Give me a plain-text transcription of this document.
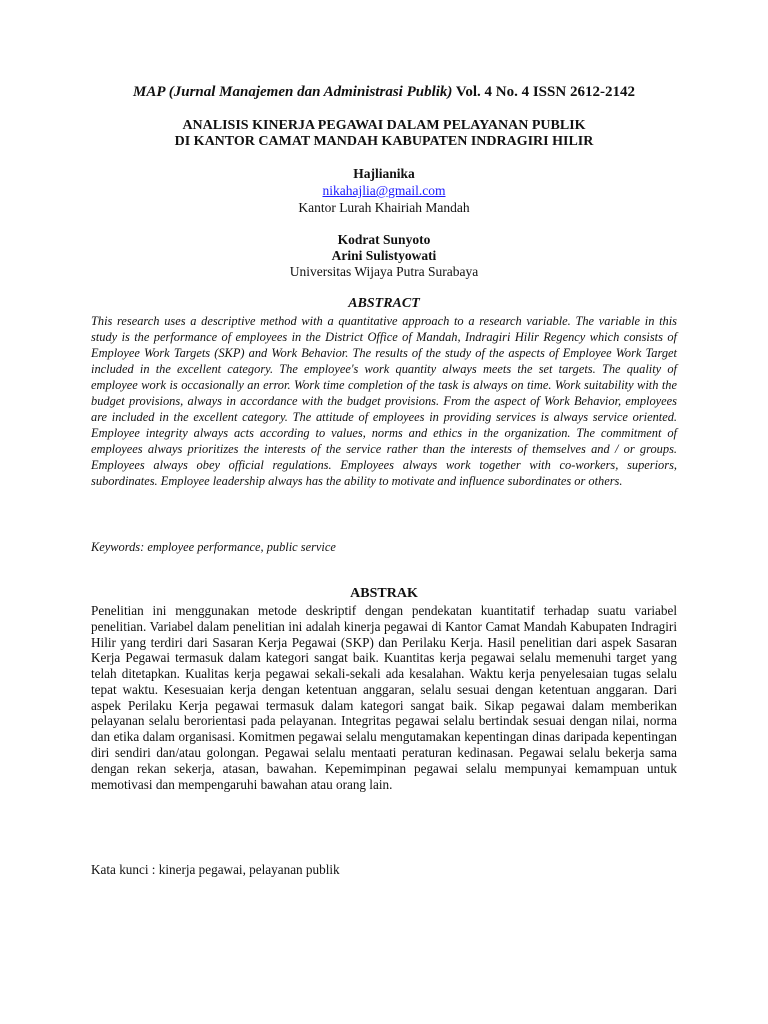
MAP (Jurnal Manajemen dan Administrasi Publik) Vol. 4 No. 4 ISSN 2612-2142
ANALISIS KINERJA PEGAWAI DALAM PELAYANAN PUBLIK
DI KANTOR CAMAT MANDAH KABUPATEN INDRAGIRI HILIR
Hajlianika
nikahajlia@gmail.com
Kantor Lurah Khairiah Mandah
Kodrat Sunyoto
Arini Sulistyowati
Universitas Wijaya Putra Surabaya
ABSTRACT

This research uses a descriptive method with a quantitative approach to a research variable. The variable in this study is the performance of employees in the District Office of Mandah, Indragiri Hilir Regency which consists of Employee Work Targets (SKP) and Work Behavior. The results of the study of the aspects of Employee Work Target included in the excellent category. The employee's work quantity always meets the set targets. The quality of employee work is occasionally an error. Work time completion of the task is always on time. Work suitability with the budget provisions, always in accordance with the budget provisions. From the aspect of Work Behavior, employees are included in the excellent category. The attitude of employees in providing services is always service oriented. Employee integrity always acts according to values, norms and ethics in the organization. The commitment of employees always prioritizes the interests of the service rather than the interests of themselves and / or groups. Employees always obey official regulations. Employees always work together with co-workers, superiors, subordinates. Employee leadership always has the ability to motivate and influence subordinates or others.

Keywords: employee performance, public service
ABSTRAK

Penelitian ini menggunakan metode deskriptif dengan pendekatan kuantitatif terhadap suatu variabel penelitian. Variabel dalam penelitian ini adalah kinerja pegawai di Kantor Camat Mandah Kabupaten Indragiri Hilir yang terdiri dari Sasaran Kerja Pegawai (SKP) dan Perilaku Kerja. Hasil penelitian dari aspek Sasaran Kerja Pegawai termasuk dalam kategori sangat baik. Kuantitas kerja pegawai selalu memenuhi target yang telah ditetapkan. Kualitas kerja pegawai sekali-sekali ada kesalahan. Waktu kerja penyelesaian tugas selalu tepat waktu. Kesesuaian kerja dengan ketentuan anggaran, selalu sesuai dengan ketentuan anggaran. Dari aspek Perilaku Kerja pegawai termasuk dalam kategori sangat baik. Sikap pegawai dalam memberikan pelayanan selalu berorientasi pada pelayanan. Integritas pegawai selalu bertindak sesuai dengan nilai, norma dan etika dalam organisasi. Komitmen pegawai selalu mengutamakan kepentingan dinas daripada kepentingan diri sendiri dan/atau golongan. Pegawai selalu mentaati peraturan kedinasan. Pegawai selalu bekerja sama dengan rekan sekerja, atasan, bawahan. Kepemimpinan pegawai selalu mempunyai kemampuan untuk memotivasi dan mempengaruhi bawahan atau orang lain.

Kata kunci : kinerja pegawai, pelayanan publik
